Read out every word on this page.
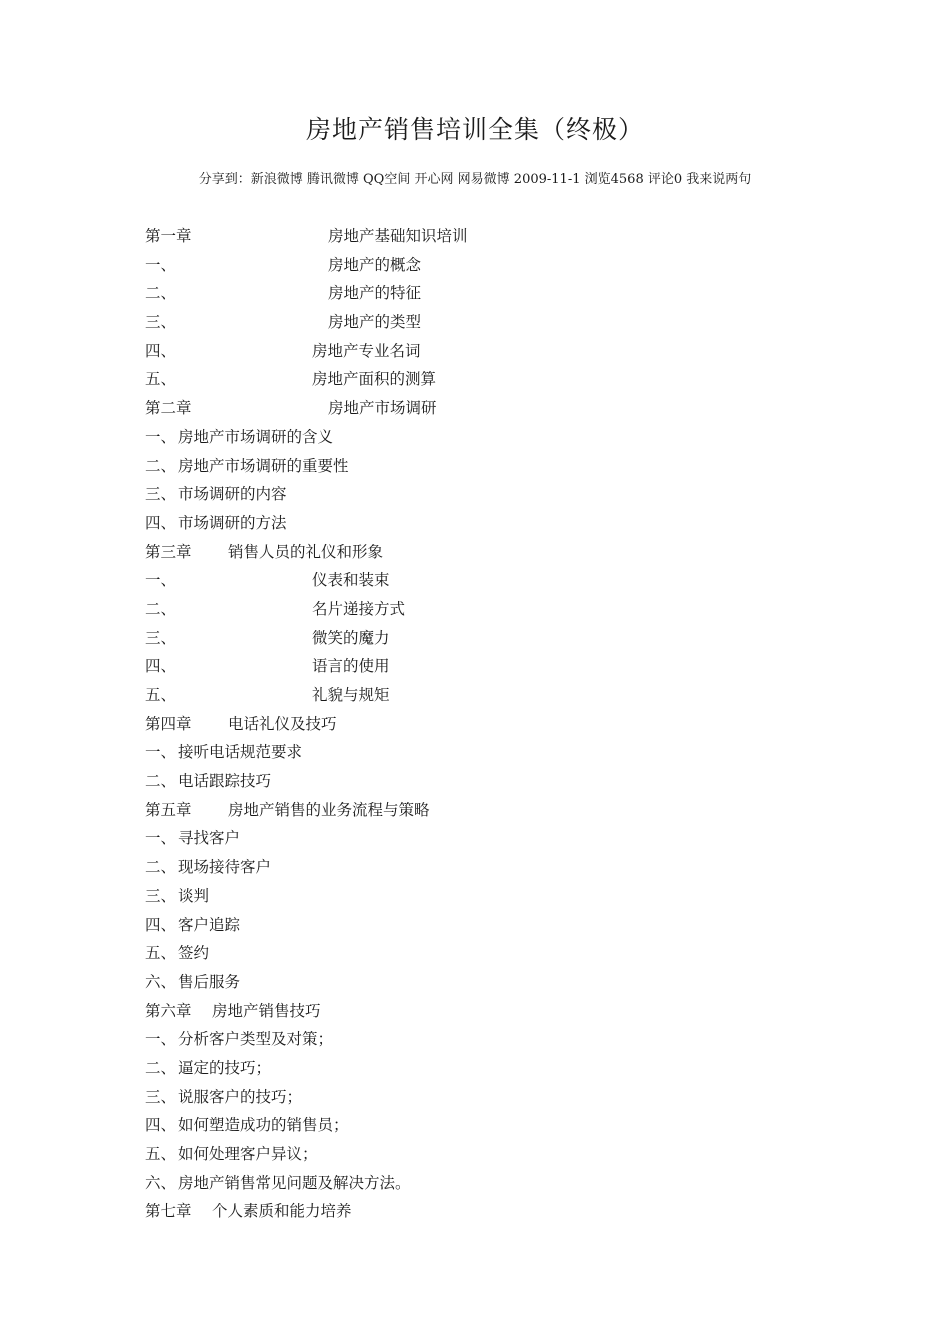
房地产销售培训全集（终极）
分享到：新浪微博 腾讯微博 QQ空间 开心网 网易微博 2009-11-1 浏览4568 评论0 我来说两句
第一章	房地产基础知识培训
一、	房地产的概念
二、	房地产的特征
三、	房地产的类型
四、	房地产专业名词
五、	房地产面积的测算
第二章	房地产市场调研
一、 房地产市场调研的含义
二、 房地产市场调研的重要性
三、 市场调研的内容
四、 市场调研的方法
第三章 销售人员的礼仪和形象
一、	仪表和装束
二、	名片递接方式
三、	微笑的魔力
四、	语言的使用
五、	礼貌与规矩
第四章 电话礼仪及技巧
一、 接听电话规范要求
二、 电话跟踪技巧
第五章 房地产销售的业务流程与策略
一、 寻找客户
二、 现场接待客户
三、 谈判
四、 客户追踪
五、 签约
六、 售后服务
第六章 房地产销售技巧
一、 分析客户类型及对策；
二、 逼定的技巧；
三、 说服客户的技巧；
四、 如何塑造成功的销售员；
五、 如何处理客户异议；
六、 房地产销售常见问题及解决方法。
第七章 个人素质和能力培养
